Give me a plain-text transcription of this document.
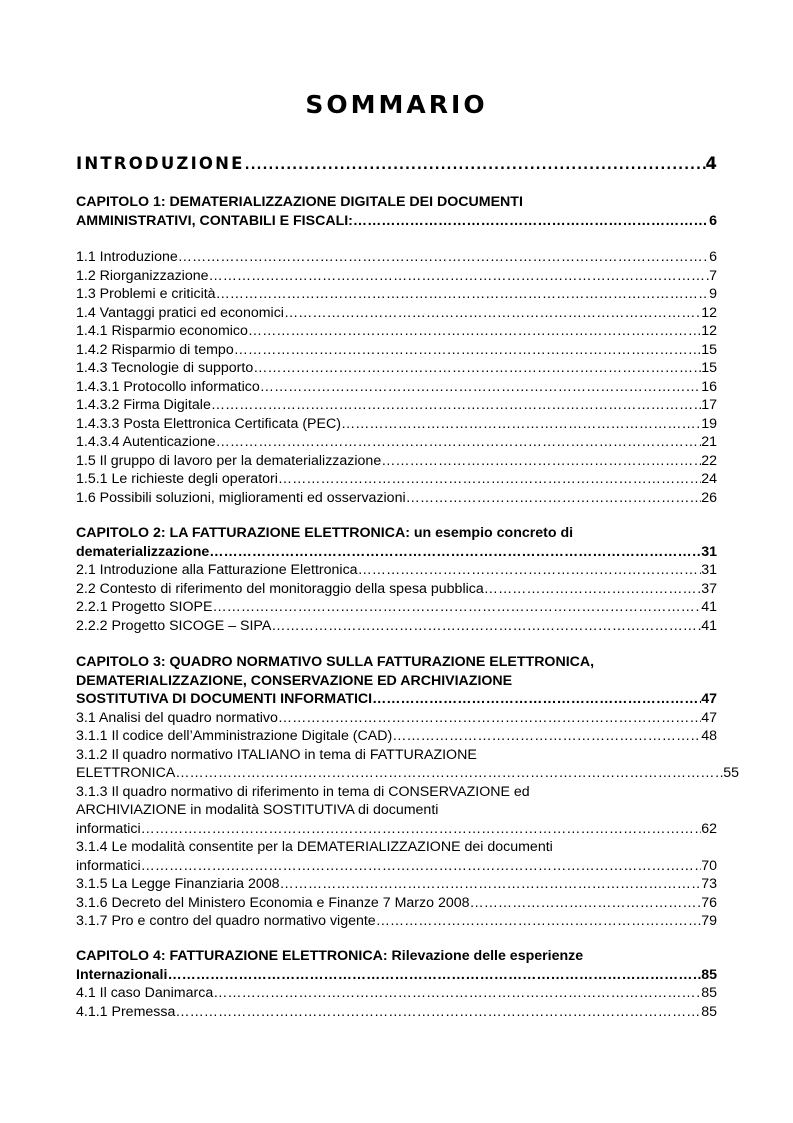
SOMMARIO
INTRODUZIONE .....	4
CAPITOLO 1: DEMATERIALIZZAZIONE DIGITALE DEI DOCUMENTI
AMMINISTRATIVI, CONTABILI E FISCALI: ………………………………………………………………………………………………………………………………………………………………………………………………	6
1.1 Introduzione ………………………………………………………………………………………………………………………………………………………………………………………………	6
1.2 Riorganizzazione ………………………………………………………………………………………………………………………………………………………………………………………………	7
1.3 Problemi e criticità ………………………………………………………………………………………………………………………………………………………………………………………………	9
1.4 Vantaggi pratici ed economici ………………………………………………………………………………………………………………………………………………………………………………………………	12
1.4.1 Risparmio economico ………………………………………………………………………………………………………………………………………………………………………………………………	12
1.4.2 Risparmio di tempo ………………………………………………………………………………………………………………………………………………………………………………………………	15
1.4.3 Tecnologie di supporto ………………………………………………………………………………………………………………………………………………………………………………………………	15
1.4.3.1 Protocollo informatico ………………………………………………………………………………………………………………………………………………………………………………………………	16
1.4.3.2 Firma Digitale ………………………………………………………………………………………………………………………………………………………………………………………………	17
1.4.3.3 Posta Elettronica Certificata (PEC) ………………………………………………………………………………………………………………………………………………………………………………………………	19
1.4.3.4 Autenticazione ………………………………………………………………………………………………………………………………………………………………………………………………	21
1.5 Il gruppo di lavoro per la dematerializzazione ………………………………………………………………………………………………………………………………………………………………………………………………	22
1.5.1 Le richieste degli operatori ………………………………………………………………………………………………………………………………………………………………………………………………	24
1.6 Possibili soluzioni, miglioramenti ed osservazioni ………………………………………………………………………………………………………………………………………………………………………………………………	26
CAPITOLO 2: LA FATTURAZIONE ELETTRONICA: un esempio concreto di
dematerializzazione ………………………………………………………………………………………………………………………………………………………………………………………………	31
2.1 Introduzione alla Fatturazione Elettronica ………………………………………………………………………………………………………………………………………………………………………………………………	31
2.2 Contesto di riferimento del monitoraggio della spesa pubblica ………………………………………………………………………………………………………………………………………………………………………………………………	37
2.2.1 Progetto SIOPE ………………………………………………………………………………………………………………………………………………………………………………………………	41
2.2.2 Progetto SICOGE – SIPA ………………………………………………………………………………………………………………………………………………………………………………………………	41
CAPITOLO 3: QUADRO NORMATIVO SULLA FATTURAZIONE ELETTRONICA,
DEMATERIALIZZAZIONE, CONSERVAZIONE ED ARCHIVIAZIONE
SOSTITUTIVA DI DOCUMENTI INFORMATICI ………………………………………………………………………………………………………………………………………………………………………………………………	47
3.1 Analisi del quadro normativo ………………………………………………………………………………………………………………………………………………………………………………………………	47
3.1.1 Il codice dell’Amministrazione Digitale (CAD) ………………………………………………………………………………………………………………………………………………………………………………………………	48
3.1.2 Il quadro normativo ITALIANO in tema di FATTURAZIONE
ELETTRONICA ………………………………………………………………………………………………………………………………………………………………………………………………	55
3.1.3 Il quadro normativo di riferimento in tema di CONSERVAZIONE ed
ARCHIVIAZIONE in modalità SOSTITUTIVA di documenti
informatici ………………………………………………………………………………………………………………………………………………………………………………………………	62
3.1.4 Le modalità consentite per la DEMATERIALIZZAZIONE dei documenti
informatici ………………………………………………………………………………………………………………………………………………………………………………………………	70
3.1.5 La Legge Finanziaria 2008 ………………………………………………………………………………………………………………………………………………………………………………………………	73
3.1.6 Decreto del Ministero Economia e Finanze 7 Marzo 2008 ………………………………………………………………………………………………………………………………………………………………………………………………	76
3.1.7 Pro e contro del quadro normativo vigente ………………………………………………………………………………………………………………………………………………………………………………………………	79
CAPITOLO 4: FATTURAZIONE ELETTRONICA: Rilevazione delle esperienze
Internazionali ………………………………………………………………………………………………………………………………………………………………………………………………	85
4.1 Il caso Danimarca ………………………………………………………………………………………………………………………………………………………………………………………………	85
4.1.1 Premessa ………………………………………………………………………………………………………………………………………………………………………………………………	85
